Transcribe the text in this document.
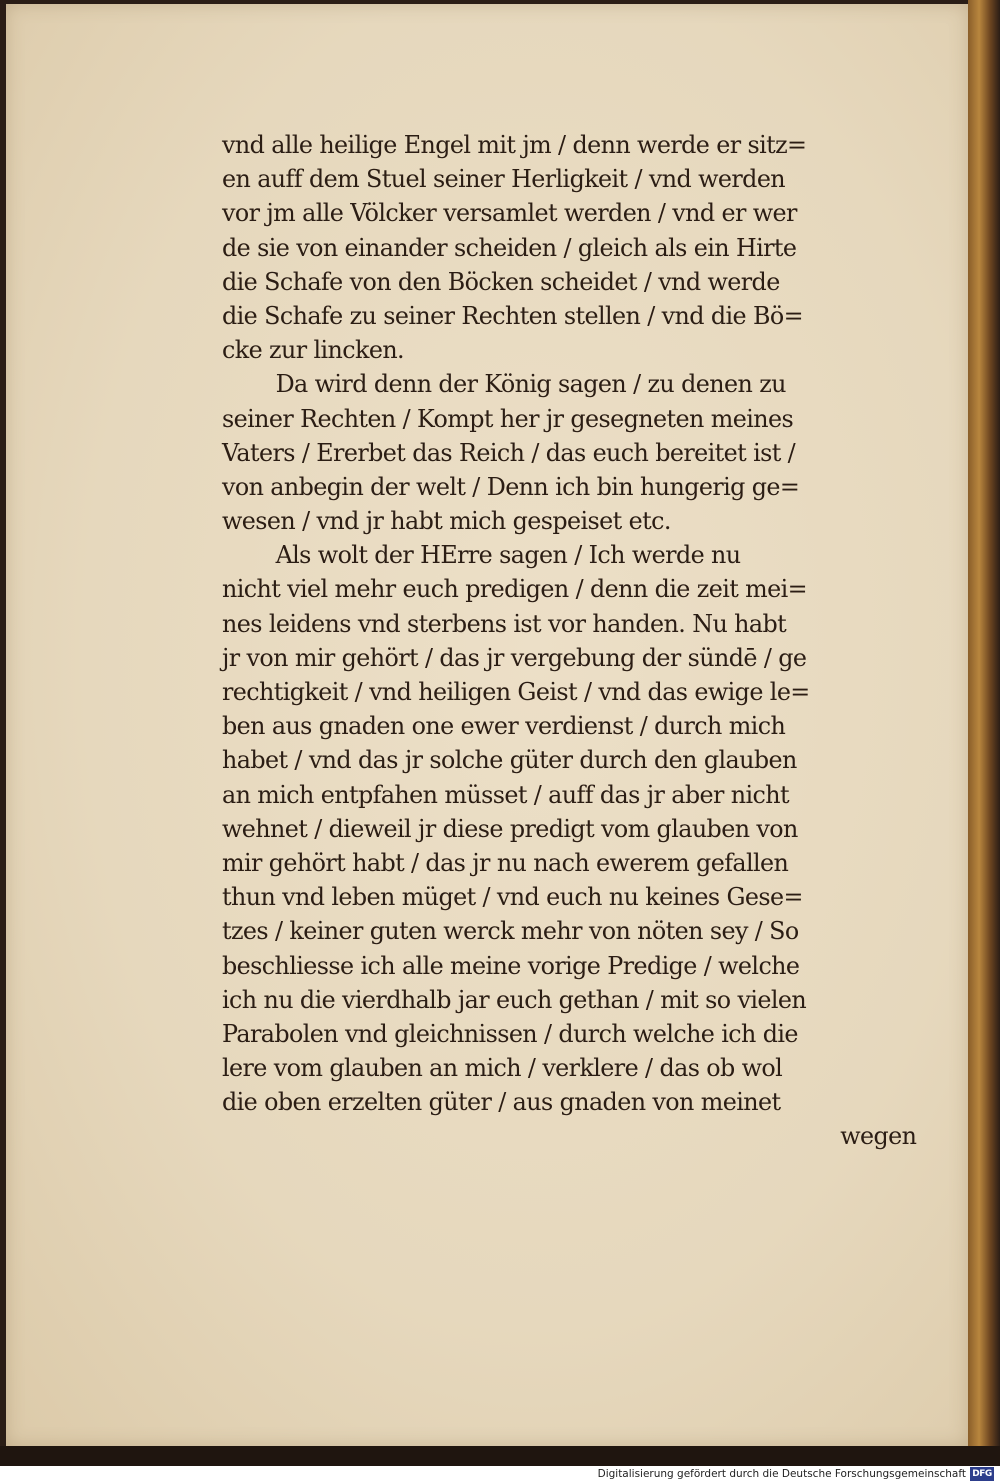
vnd alle heilige Engel mit jm / denn werde er sitz=
en auff dem Stuel seiner Herligkeit / vnd werden
vor jm alle Völcker versamlet werden / vnd er wer
de sie von einander scheiden / gleich als ein Hirte
die Schafe von den Böcken scheidet / vnd werde
die Schafe zu seiner Rechten stellen / vnd die Bö=
cke zur lincken.
Da wird denn der König sagen / zu denen zu
seiner Rechten / Kompt her jr gesegneten meines
Vaters / Ererbet das Reich / das euch bereitet ist /
von anbegin der welt / Denn ich bin hungerig ge=
wesen / vnd jr habt mich gespeiset etc.
Als wolt der HErre sagen / Ich werde nu
nicht viel mehr euch predigen / denn die zeit mei=
nes leidens vnd sterbens ist vor handen. Nu habt
jr von mir gehört / das jr vergebung der sündē / ge
rechtigkeit / vnd heiligen Geist / vnd das ewige le=
ben aus gnaden one ewer verdienst / durch mich
habet / vnd das jr solche güter durch den glauben
an mich entpfahen müsset / auff das jr aber nicht
wehnet / dieweil jr diese predigt vom glauben von
mir gehört habt / das jr nu nach ewerem gefallen
thun vnd leben müget / vnd euch nu keines Gese=
tzes / keiner guten werck mehr von nöten sey / So
beschliesse ich alle meine vorige Predige / welche
ich nu die vierdhalb jar euch gethan / mit so vielen
Parabolen vnd gleichnissen / durch welche ich die
lere vom glauben an mich / verklere / das ob wol
die oben erzelten güter / aus gnaden von meinet
wegen
Digitalisierung gefördert durch die Deutsche Forschungsgemeinschaft DFG
